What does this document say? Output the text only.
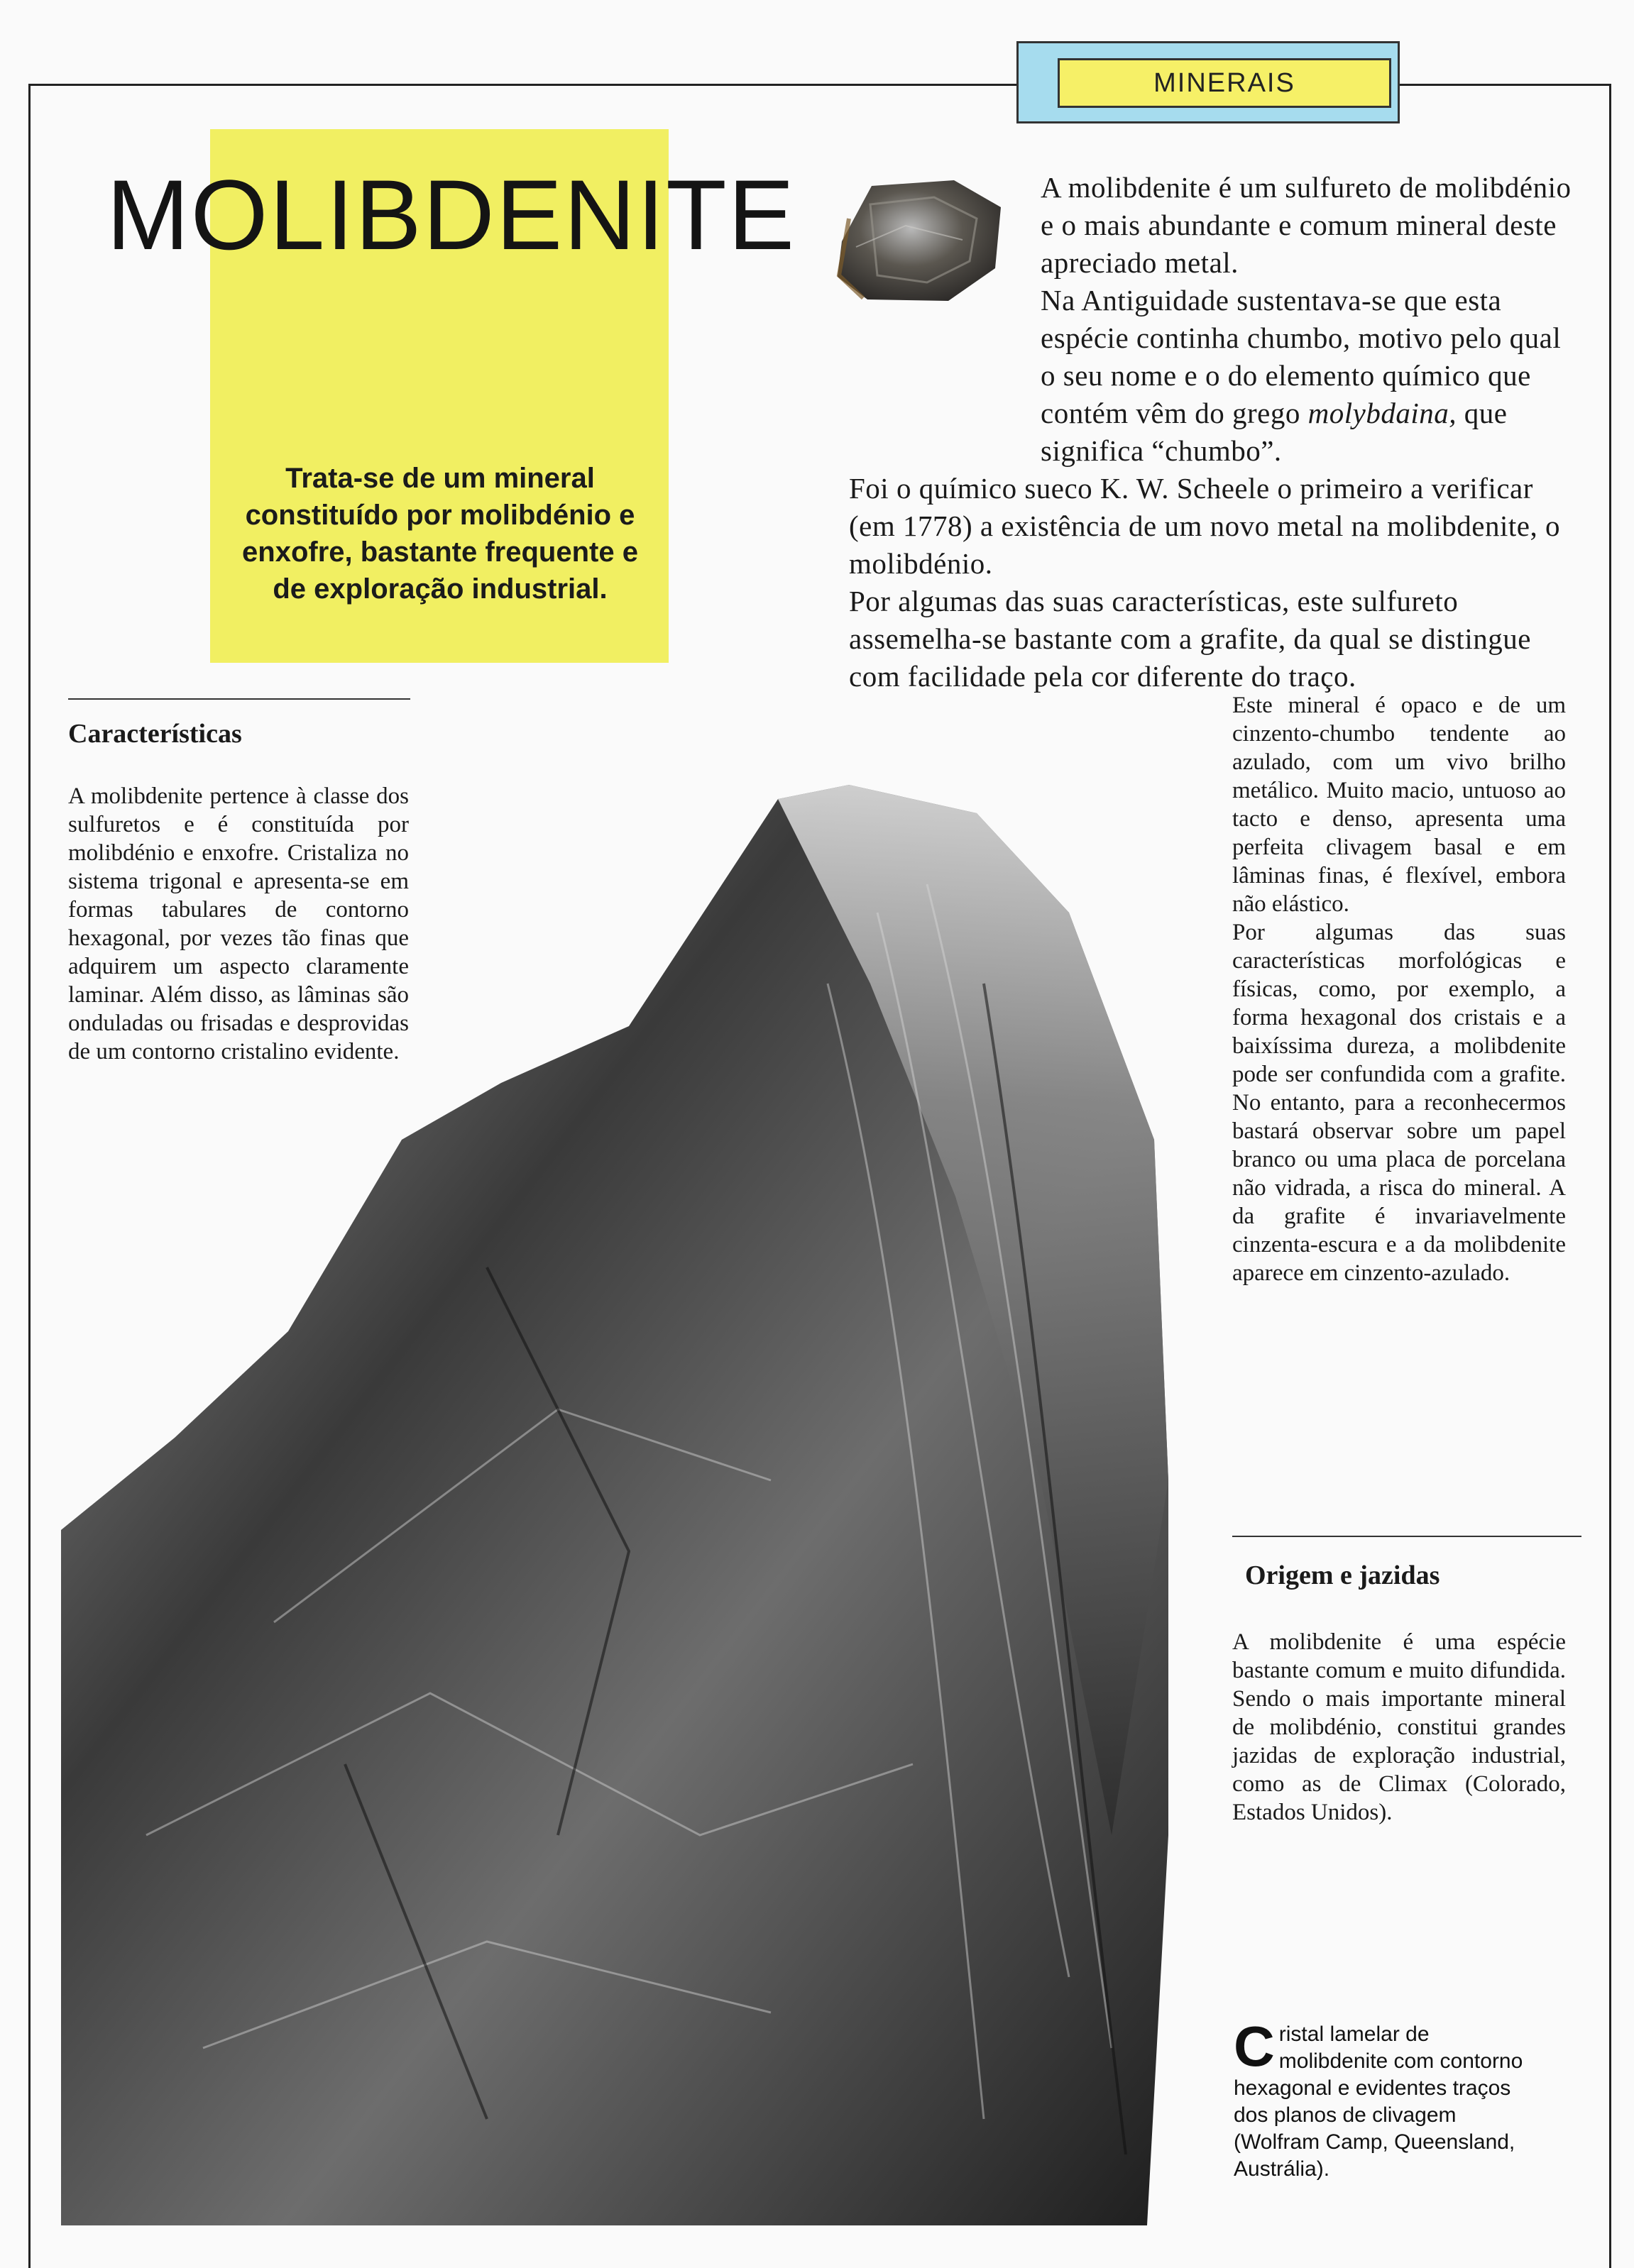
MINERAIS
MOLIBDENITE
Trata-se de um mineral constituído por molibdénio e enxofre, bastante frequente e de exploração industrial.

A molibdenite é um sulfureto de molibdénio e o mais abundante e comum mineral deste apreciado metal.

Na Antiguidade sustentava-se que esta espécie continha chumbo, motivo pelo qual o seu nome e o do elemento químico que contém vêm do grego molybdaina, que significa “chumbo”.

Foi o químico sueco K. W. Scheele o primeiro a verificar (em 1778) a existência de um novo metal na molibdenite, o molibdénio.

Por algumas das suas características, este sulfureto assemelha-se bastante com a grafite, da qual se distingue com facilidade pela cor diferente do traço.

Características

A molibdenite pertence à classe dos sulfuretos e é constituída por molibdénio e enxofre. Cristaliza no sistema trigonal e apresenta-se em formas tabulares de contorno hexagonal, por vezes tão finas que adquirem um aspecto claramente laminar. Além disso, as lâminas são onduladas ou frisadas e desprovidas de um contorno cristalino evidente.

Este mineral é opaco e de um cinzento-chumbo tendente ao azulado, com um vivo brilho metálico. Muito macio, untuoso ao tacto e denso, apresenta uma perfeita clivagem basal e em lâminas finas, é flexível, embora não elástico.

Por algumas das suas características morfológicas e físicas, como, por exemplo, a forma hexagonal dos cristais e a baixíssima dureza, a molibdenite pode ser confundida com a grafite. No entanto, para a reconhecermos bastará observar sobre um papel branco ou uma placa de porcelana não vidrada, a risca do mineral. A da grafite é invariavelmente cinzenta-escura e a da molibdenite aparece em cinzento-azulado.

Origem e jazidas

A molibdenite é uma espécie bastante comum e muito difundida. Sendo o mais importante mineral de molibdénio, constitui grandes jazidas de exploração industrial, como as de Climax (Colorado, Estados Unidos).

Cristal lamelar de molibdenite com contorno hexagonal e evidentes traços dos planos de clivagem (Wolfram Camp, Queensland, Austrália).
